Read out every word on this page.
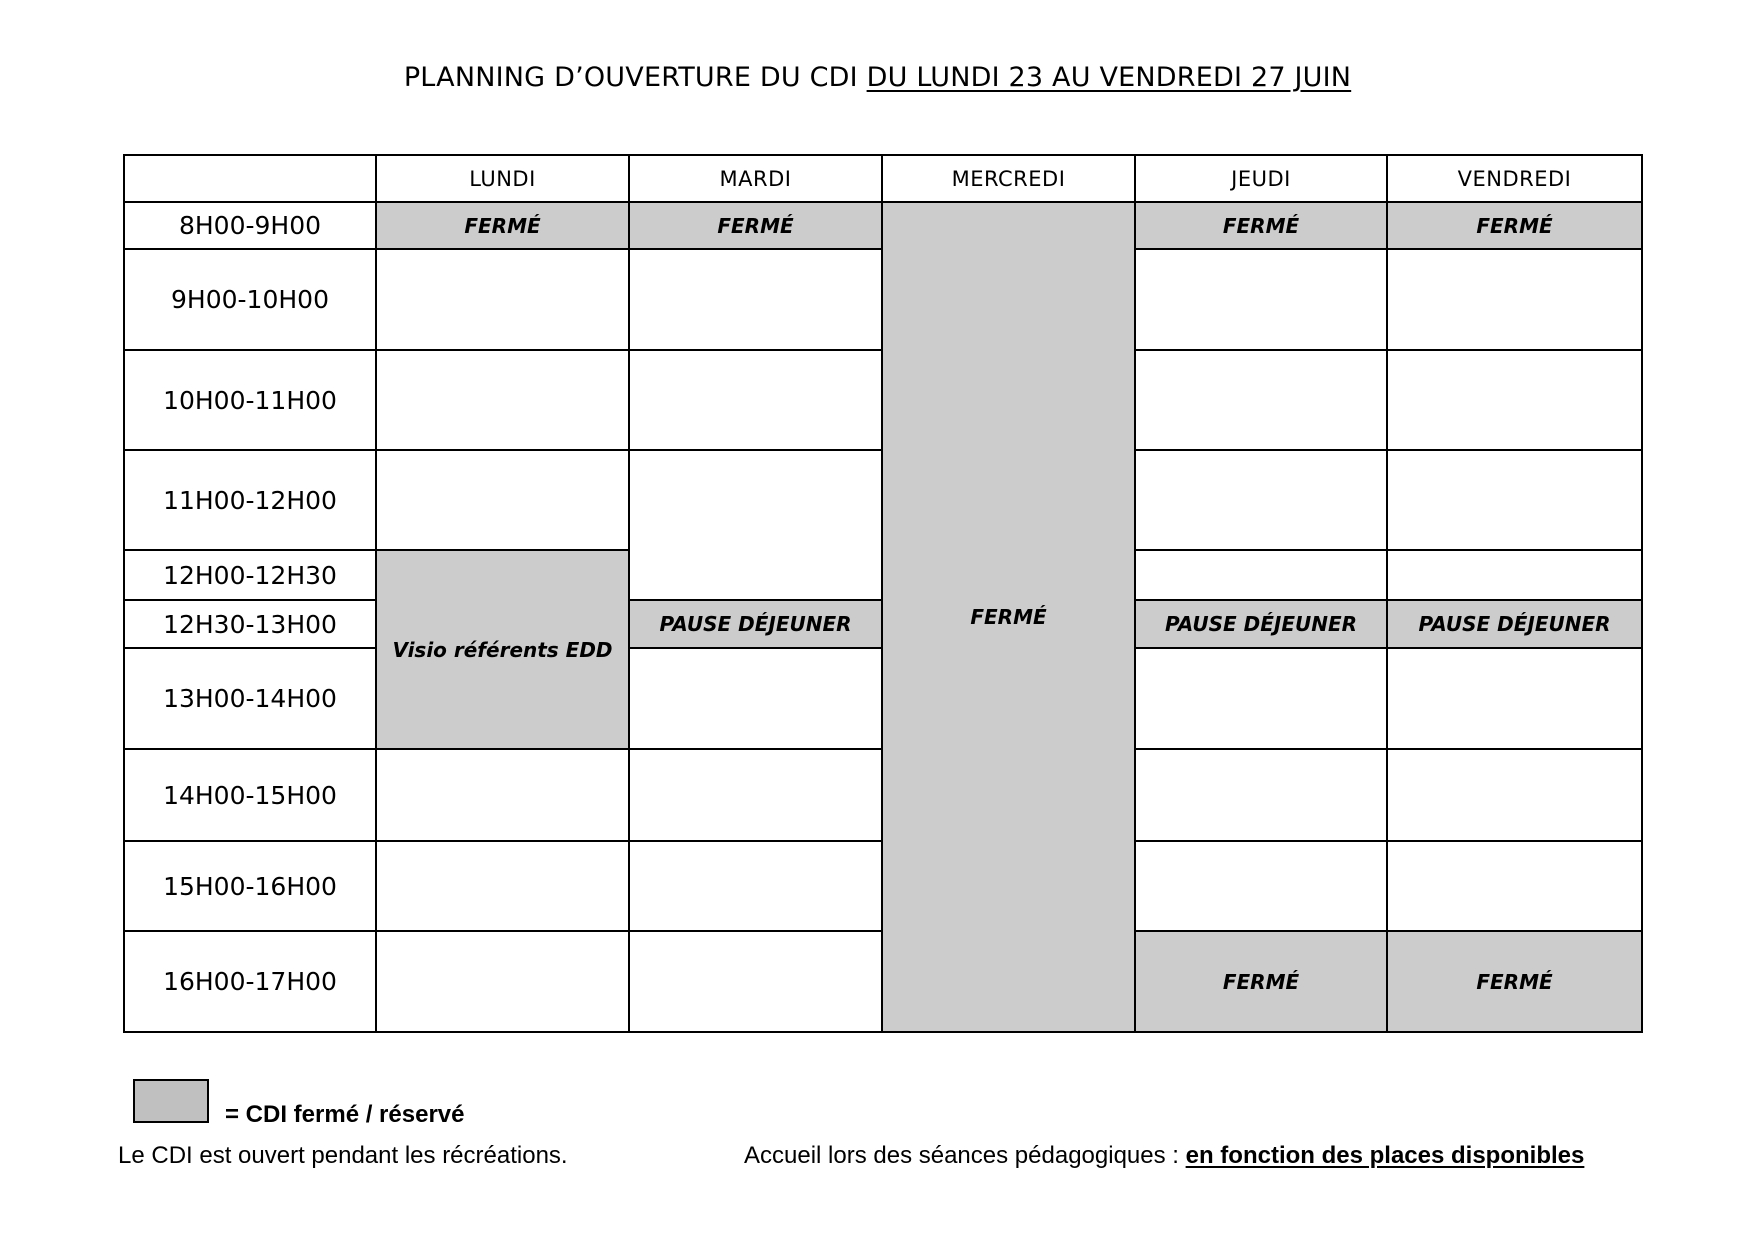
PLANNING D’OUVERTURE DU CDI DU LUNDI 23 AU VENDREDI 27 JUIN
	LUNDI	MARDI	MERCREDI	JEUDI	VENDREDI
8H00-9H00	FERMÉ	FERMÉ	FERMÉ	FERMÉ	FERMÉ
9H00-10H00					
10H00-11H00					
11H00-12H00					
12H00-12H30	Visio référents EDD				
12H30-13H00		PAUSE DÉJEUNER		PAUSE DÉJEUNER	PAUSE DÉJEUNER
13H00-14H00					
14H00-15H00					
15H00-16H00					
16H00-17H00				FERMÉ	FERMÉ
= CDI fermé / réservé
Le CDI est ouvert pendant les récréations.	Accueil lors des séances pédagogiques : en fonction des places disponibles
